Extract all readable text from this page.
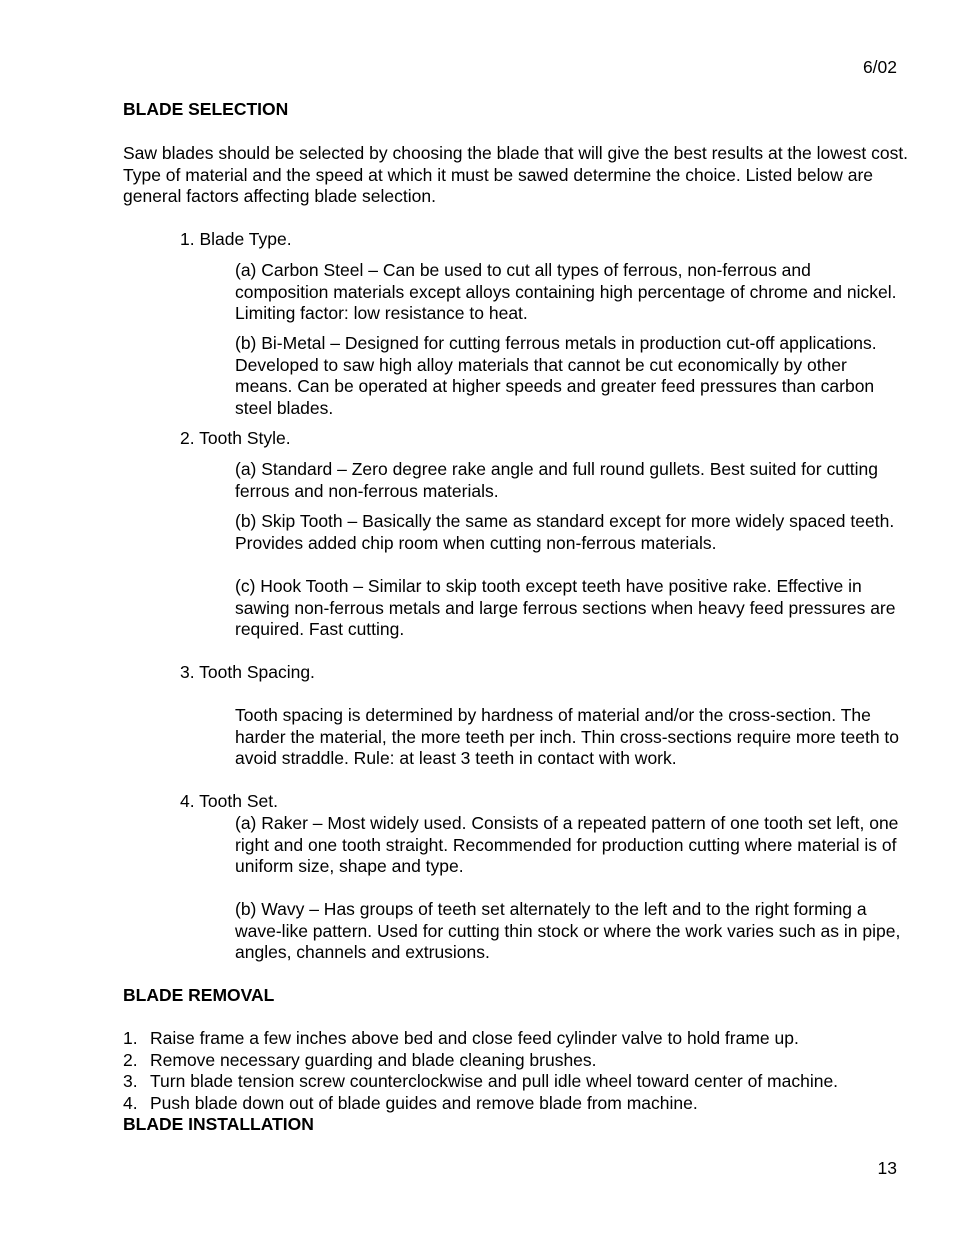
6/02
BLADE SELECTION
Saw blades should be selected by choosing the blade that will give the best results at the lowest cost. Type of material and the speed at which it must be sawed determine the choice. Listed below are general factors affecting blade selection.
1. Blade Type.
(a) Carbon Steel – Can be used to cut all types of ferrous, non-ferrous and composition materials except alloys containing high percentage of chrome and nickel. Limiting factor: low resistance to heat.
(b) Bi-Metal – Designed for cutting ferrous metals in production cut-off applications. Developed to saw high alloy materials that cannot be cut economically by other means. Can be operated at higher speeds and greater feed pressures than carbon steel blades.
2. Tooth Style.
(a) Standard – Zero degree rake angle and full round gullets. Best suited for cutting ferrous and non-ferrous materials.
(b) Skip Tooth – Basically the same as standard except for more widely spaced teeth. Provides added chip room when cutting non-ferrous materials.
(c) Hook Tooth – Similar to skip tooth except teeth have positive rake. Effective in sawing non-ferrous metals and large ferrous sections when heavy feed pressures are required. Fast cutting.
3. Tooth Spacing.
Tooth spacing is determined by hardness of material and/or the cross-section. The harder the material, the more teeth per inch. Thin cross-sections require more teeth to avoid straddle. Rule: at least 3 teeth in contact with work.
4. Tooth Set.
(a) Raker – Most widely used. Consists of a repeated pattern of one tooth set left, one right and one tooth straight. Recommended for production cutting where material is of uniform size, shape and type.
(b) Wavy – Has groups of teeth set alternately to the left and to the right forming a wave-like pattern. Used for cutting thin stock or where the work varies such as in pipe, angles, channels and extrusions.
BLADE REMOVAL
1. Raise frame a few inches above bed and close feed cylinder valve to hold frame up.
2. Remove necessary guarding and blade cleaning brushes.
3. Turn blade tension screw counterclockwise and pull idle wheel toward center of machine.
4. Push blade down out of blade guides and remove blade from machine.
BLADE INSTALLATION
13
